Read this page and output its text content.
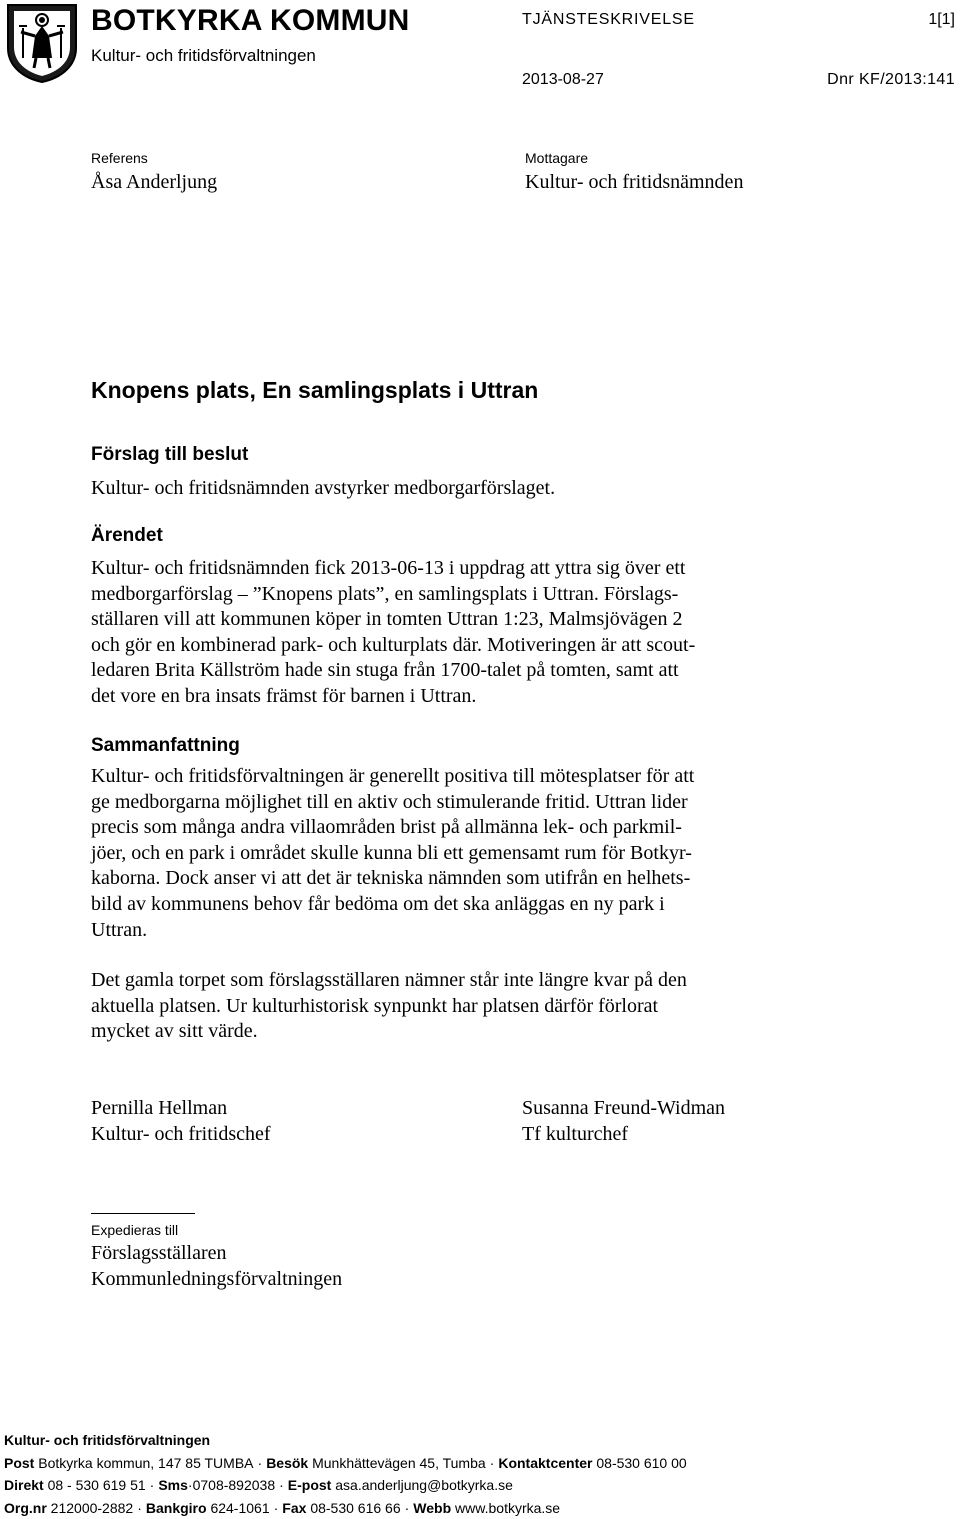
BOTKYRKA KOMMUN
Kultur- och fritidsförvaltningen
TJÄNSTESKRIVELSE	1[1]
2013-08-27	Dnr KF/2013:141
Referens
Åsa Anderljung
Mottagare
Kultur- och fritidsnämnden
Knopens plats, En samlingsplats i Uttran
Förslag till beslut
Kultur- och fritidsnämnden avstyrker medborgarförslaget.
Ärendet
Kultur- och fritidsnämnden fick 2013-06-13 i uppdrag att yttra sig över ett
medborgarförslag – ”Knopens plats”, en samlingsplats i Uttran. Förslags-
ställaren vill att kommunen köper in tomten Uttran 1:23, Malmsjövägen 2
och gör en kombinerad park- och kulturplats där. Motiveringen är att scout-
ledaren Brita Källström hade sin stuga från 1700-talet på tomten, samt att
det vore en bra insats främst för barnen i Uttran.
Sammanfattning
Kultur- och fritidsförvaltningen är generellt positiva till mötesplatser för att
ge medborgarna möjlighet till en aktiv och stimulerande fritid. Uttran lider
precis som många andra villaområden brist på allmänna lek- och parkmil-
jöer, och en park i området skulle kunna bli ett gemensamt rum för Botkyr-
kaborna. Dock anser vi att det är tekniska nämnden som utifrån en helhets-
bild av kommunens behov får bedöma om det ska anläggas en ny park i
Uttran.
Det gamla torpet som förslagsställaren nämner står inte längre kvar på den
aktuella platsen. Ur kulturhistorisk synpunkt har platsen därför förlorat
mycket av sitt värde.
Pernilla Hellman
Kultur- och fritidschef
Susanna Freund-Widman
Tf kulturchef
Expedieras till
Förslagsställaren
Kommunledningsförvaltningen
Kultur- och fritidsförvaltningen
Post Botkyrka kommun, 147 85 TUMBA · Besök Munkhättevägen 45, Tumba · Kontaktcenter 08-530 610 00
Direkt 08 - 530 619 51 · Sms·0708-892038 · E-post asa.anderljung@botkyrka.se
Org.nr 212000-2882 · Bankgiro 624-1061 · Fax 08-530 616 66 · Webb www.botkyrka.se
